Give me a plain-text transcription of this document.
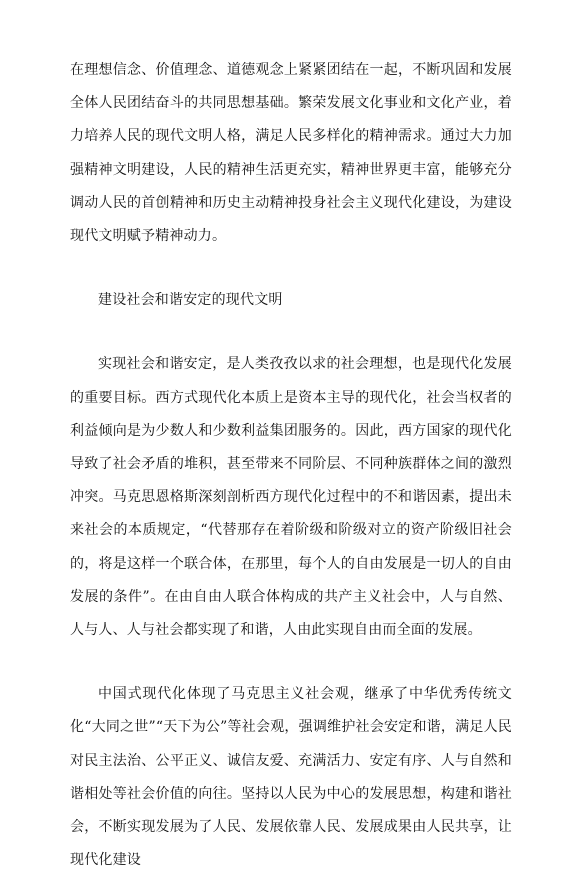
在理想信念、价值理念、道德观念上紧紧团结在一起，不断巩固和发展全体人民团结奋斗的共同思想基础。繁荣发展文化事业和文化产业，着力培养人民的现代文明人格，满足人民多样化的精神需求。通过大力加强精神文明建设，人民的精神生活更充实，精神世界更丰富，能够充分调动人民的首创精神和历史主动精神投身社会主义现代化建设，为建设现代文明赋予精神动力。

建设社会和谐安定的现代文明

实现社会和谐安定，是人类孜孜以求的社会理想，也是现代化发展的重要目标。西方式现代化本质上是资本主导的现代化，社会当权者的利益倾向是为少数人和少数利益集团服务的。因此，西方国家的现代化导致了社会矛盾的堆积，甚至带来不同阶层、不同种族群体之间的激烈冲突。马克思恩格斯深刻剖析西方现代化过程中的不和谐因素，提出未来社会的本质规定，“代替那存在着阶级和阶级对立的资产阶级旧社会的，将是这样一个联合体，在那里，每个人的自由发展是一切人的自由发展的条件”。在由自由人联合体构成的共产主义社会中，人与自然、人与人、人与社会都实现了和谐，人由此实现自由而全面的发展。

中国式现代化体现了马克思主义社会观，继承了中华优秀传统文化“大同之世”“天下为公”等社会观，强调维护社会安定和谐，满足人民对民主法治、公平正义、诚信友爱、充满活力、安定有序、人与自然和谐相处等社会价值的向往。坚持以人民为中心的发展思想，构建和谐社会，不断实现发展为了人民、发展依靠人民、发展成果由人民共享，让现代化建设
